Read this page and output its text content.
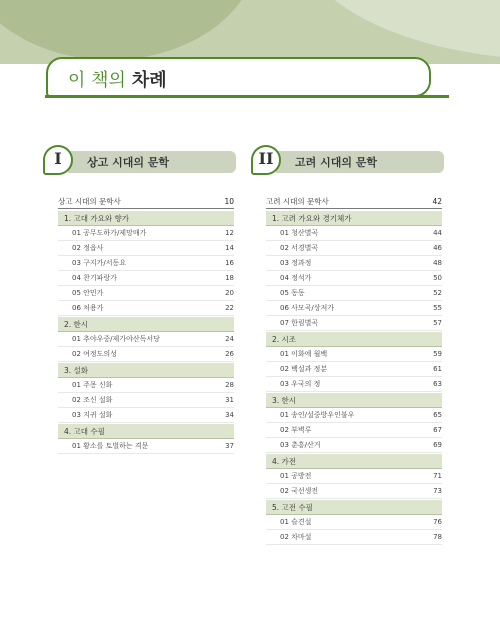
이 책의 차례
I	상고 시대의 문학
상고 시대의 문학사	10
1. 고대 가요와 향가
01 공무도하가/제망매가	12
02 정읍사	14
03 구지가/서동요	16
04 찬기파랑가	18
05 안민가	20
06 처용가	22
2. 한시
01 추야우중/제가야산독서당	24
02 여정도의성	26
3. 설화
01 주몽 신화	28
02 조신 설화	31
03 지귀 설화	34
4. 고대 수필
01 황소를 토벌하는 격문	37
II	고려 시대의 문학
고려 시대의 문학사	42
1. 고려 가요와 경기체가
01 청산별곡	44
02 서경별곡	46
03 정과정	48
04 정석가	50
05 동동	52
06 사모곡/상저가	55
07 한림별곡	57
2. 시조
01 이화에 월백	59
02 백설과 정분	61
03 우국의 정	63
3. 한시
01 송인/설중방우인불우	65
02 부벽루	67
03 춘흥/산거	69
4. 가전
01 공방전	71
02 국선생전	73
5. 고전 수필
01 슬견설	76
02 차마설	78
